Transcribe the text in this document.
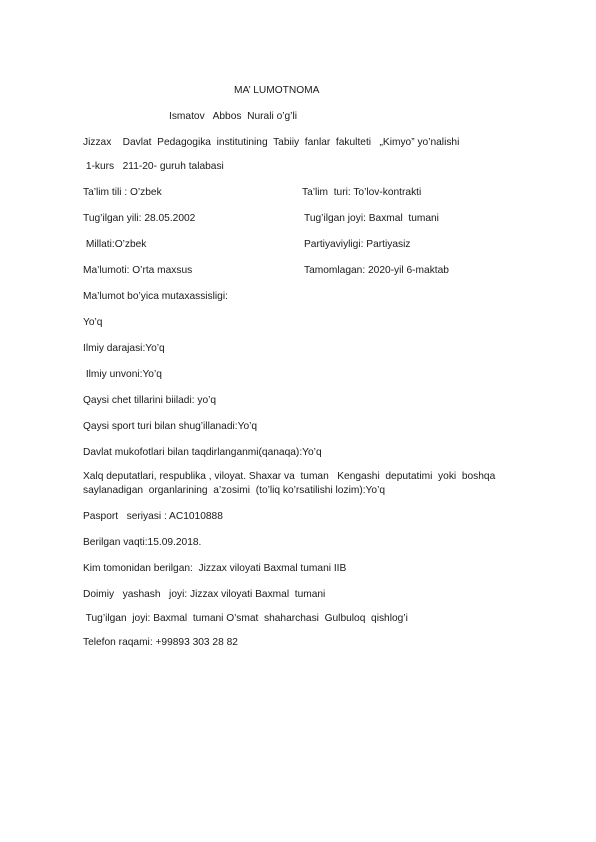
MA’ LUMOTNOMA
Ismatov   Abbos  Nurali o’g’li
Jizzax    Davlat  Pedagogika  institutining  Tabiiy  fanlar  fakulteti   „Kimyo” yo’nalishi
1-kurs   211-20- guruh talabasi
Ta’lim tili : O’zbek	Ta’lim  turi: To’lov-kontrakti
Tug’ilgan yili: 28.05.2002	Tug’ilgan joyi: Baxmal  tumani
Millati:O’zbek	Partiyaviyligi: Partiyasiz
Ma’lumoti: O’rta maxsus	Tamomlagan: 2020-yil 6-maktab
Ma’lumot bo’yica mutaxassisligi:
Yo’q
Ilmiy darajasi:Yo’q
Ilmiy unvoni:Yo’q
Qaysi chet tillarini biiladi: yo’q
Qaysi sport turi bilan shug’illanadi:Yo’q
Davlat mukofotlari bilan taqdirlanganmi(qanaqa):Yo’q
Xalq deputatlari, respublika , viloyat. Shaxar va  tuman   Kengashi  deputatimi  yoki  boshqa
saylanadigan  organlarining  a’zosimi  (to’liq ko’rsatilishi lozim):Yo’q
Pasport   seriyasi : AC1010888
Berilgan vaqti:15.09.2018.
Kim tomonidan berilgan:  Jizzax viloyati Baxmal tumani IIB
Doimiy   yashash   joyi: Jizzax viloyati Baxmal  tumani
Tug’ilgan  joyi: Baxmal  tumani O’smat  shaharchasi  Gulbuloq  qishlog’i
Telefon raqami: +99893 303 28 82
